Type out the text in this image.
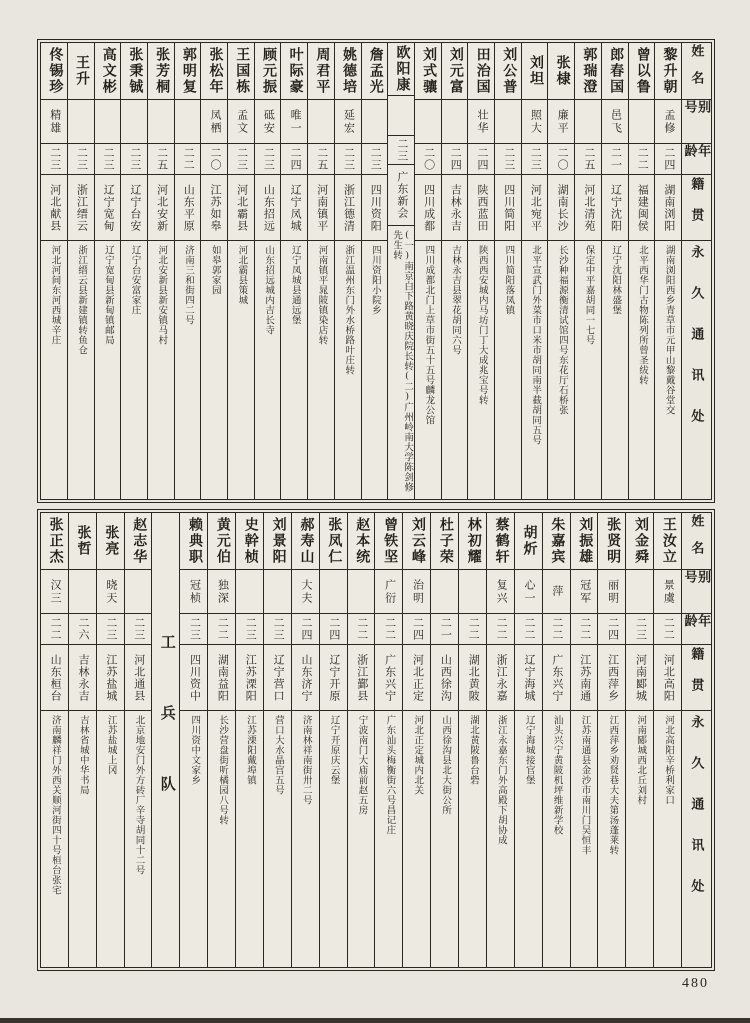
姓名
别号
年龄
籍贯
永久通讯处
黎升朝
孟修
二四
湖南浏阳
湖南浏阳西乡青草市元甲山黎戴谷堂交
曾以鲁
二二
福建闽侯
北平西华门古物陈列所曾圣绂转
郎春国
邑飞
二一
辽宁沈阳
辽宁沈阳林盛堡
郭瑞澄
二五
河北清苑
保定中平嘉胡同一七号
张棣
廉平
二〇
湖南长沙
长沙种福源衡清试馆四号东花厅石桥张
刘坦
照大
二三
河北宛平
北平宣武门外菜市口米市胡同南半截胡同五号
刘公普
二三
四川简阳
四川简阳落凤镇
田治国
壮华
二四
陕西蓝田
陕西西安城内马坊门丁大成兆宝号转
刘元富
二四
吉林永吉
吉林永吉县翠花胡同六号
刘式骧
二〇
四川成都
四川成都北门上草市街五十五号麟龙公馆
欧阳康
二三
广东新会
(一)南京白下路黄晓庆院长转(二)广州岭南大学陈剑修先生转
詹孟光
二三
四川资阳
四川资阳小院乡
姚德培
延宏
二三
浙江德清
浙江温州东门外水桥路叶庄转
周君平
二五
河南镇平
河南镇平晁陂镇染店转
叶际豪
唯一
二四
辽宁凤城
辽宁凤城县通远堡
顾元振
砥安
二三
山东招远
山东招远城内吉长寺
王国栋
孟文
二三
河北霸县
河北霸县策城
张松年
凤栖
二〇
江苏如皋
如皋郭家园
郭明复
二二
山东平原
济南三和街四二号
张芳桐
二五
河北安新
河北安新县新安镇马村
张秉铖
二三
辽宁台安
辽宁台安富家庄
高文彬
二三
辽宁宽甸
辽宁宽甸县新甸镇邮局
王升
二三
浙江缙云
浙江缙云县新建镇转鱼仓
佟锡珍
精雄
二三
河北献县
河北河间东河西城辛庄
姓名
别号
年龄
籍贯
永久通讯处
王汝立
景虞
二二
河北高阳
河北高阳辛桥利家口
刘金舜
二三
河南郾城
河南郾城西北丘刘村
张贤明
丽明
二四
江西萍乡
江西萍乡劝贤巷大夫第汤蓬莱转
刘振雄
冠军
二二
江苏南通
江苏南通县金沙市南川门吴恒丰
朱嘉宾
萍
二二
广东兴宁
汕头兴宁黄陂机坪维新学校
胡炘
心一
二二
辽宁海城
辽宁海城接官堡
蔡鹤轩
复兴
二二
浙江永嘉
浙江永嘉东门外高殿下胡协成
林初耀
二二
湖北黄陂
湖北黄陂鲁台砦
杜子荣
二一
山西徐沟
山西徐沟县北大街公所
刘云峰
治明
二四
河北正定
河北正定城内北关
曾铁坚
广衍
二二
广东兴宁
广东汕头梅衡街六号昌记庄
赵本统
二二
浙江鄞县
宁波南门大庙前赵五房
张凤仁
二四
辽宁开原
辽宁开原庆云堡
郝寿山
大夫
二四
山东济宁
济南林祥南街卅二号
刘景阳
二三
辽宁营口
营口大水晶宫五号
史幹桢
二三
江苏溧阳
江苏溧阳戴埠镇
黄元伯
独深
二二
湖南益阳
长沙营盘街听橘园八号转
赖典职
冠桢
二三
四川资中
四川资中文家乡
工兵队
赵志华
二三
河北通县
北京地安门外方砖厂辛寺胡同十二号
张亮
晓天
二三
江苏盐城
江苏盐城上冈
张哲
二六
吉林永吉
吉林省城中华书局
张正杰
汉三
二二
山东桓台
济南麟祥门外西关顺河街四十号桓台张宅
480
